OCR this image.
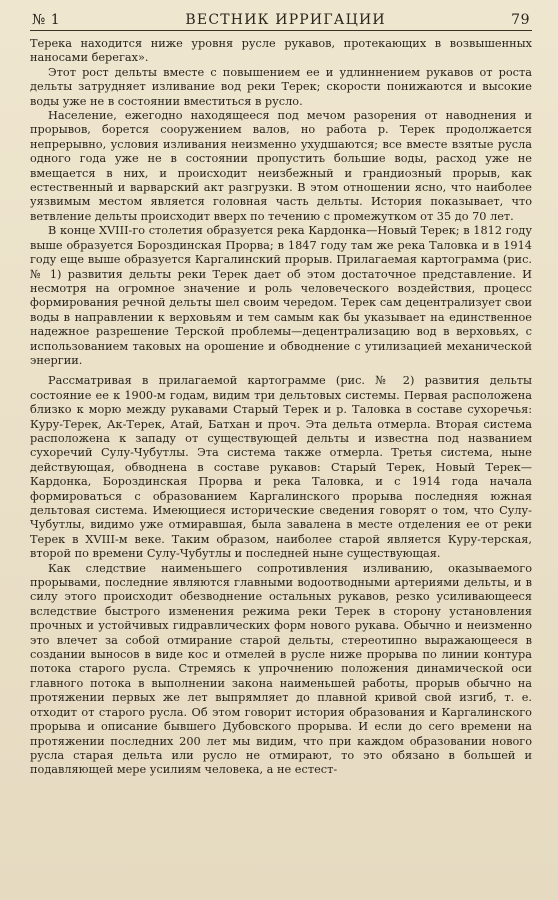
№ 1	ВЕСТНИК ИРРИГАЦИИ	79

Терека находится ниже уровня русле рукавов, протекающих в возвышенных наносами берегах».

Этот рост дельты вместе с повышением ее и удлиннением рукавов от роста дельты затрудняет изливание вод реки Терек; скорости понижаются и высокие воды уже не в состоянии вместиться в русло.

Население, ежегодно находящееся под мечом разорения от наводнения и прорывов, борется сооружением валов, но работа р. Терек продолжается непрерывно, условия изливания неизменно ухудшаются; все вместе взятые русла одного года уже не в состоянии пропустить большие воды, расход уже не вмещается в них, и происходит неизбежный и грандиозный прорыв, как естественный и варварский акт разгрузки. В этом отношении ясно, что наиболее уязвимым местом является головная часть дельты. История показывает, что ветвление дельты происходит вверх по течению с промежутком от 35 до 70 лет.

В конце XVIII-го столетия образуется река Кардонка—Новый Терек; в 1812 году выше образуется Бороздинская Прорва; в 1847 году там же река Таловка и в 1914 году еще выше образуется Каргалинский прорыв. Прилагаемая картограмма (рис. № 1) развития дельты реки Терек дает об этом достаточное представление. И несмотря на огромное значение и роль человеческого воздействия, процесс формирования речной дельты шел своим чередом. Терек сам децентрализует свои воды в направлении к верховьям и тем самым как бы указывает на единственное надежное разрешение Терской проблемы—децентрализацию вод в верховьях, с использованием таковых на орошение и обводнение с утилизацией механической энергии.

Рассматривая в прилагаемой картограмме (рис. № 2) развития дельты состояние ее к 1900-м годам, видим три дельтовых системы. Первая расположена близко к морю между рукавами Старый Терек и р. Таловка в составе сухоречья: Куру-Терек, Ак-Терек, Атай, Батхан и проч. Эта дельта отмерла. Вторая система расположена к западу от существующей дельты и известна под названием сухоречий Сулу-Чубутлы. Эта система также отмерла. Третья система, ныне действующая, обводнена в составе рукавов: Старый Терек, Новый Терек—Кардонка, Бороздинская Прорва и река Таловка, и с 1914 года начала формироваться с образованием Каргалинского прорыва последняя южная дельтовая система. Имеющиеся исторические сведения говорят о том, что Сулу-Чубутлы, видимо уже отмиравшая, была завалена в месте отделения ее от реки Терек в XVIII-м веке. Таким образом, наиболее старой является Куру-терская, второй по времени Сулу-Чубутлы и последней ныне существующая.

Как следствие наименьшего сопротивления изливанию, оказываемого прорывами, последние являются главными водоотводными артериями дельты, и в силу этого происходит обезводнение остальных рукавов, резко усиливающееся вследствие быстрого изменения режима реки Терек в сторону установления прочных и устойчивых гидравлических форм нового рукава. Обычно и неизменно это влечет за собой отмирание старой дельты, стереотипно выражающееся в создании выносов в виде кос и отмелей в русле ниже прорыва по линии контура потока старого русла. Стремясь к упрочнению положения динамической оси главного потока в выполнении закона наименьшей работы, прорыв обычно на протяжении первых же лет выпрямляет до плавной кривой свой изгиб, т. е. отходит от старого русла. Об этом говорит история образования и Каргалинского прорыва и описание бывшего Дубовского прорыва. И если до сего времени на протяжении последних 200 лет мы видим, что при каждом образовании нового русла старая дельта или русло не отмирают, то это обязано в большей и подавляющей мере усилиям человека, а не естест-
